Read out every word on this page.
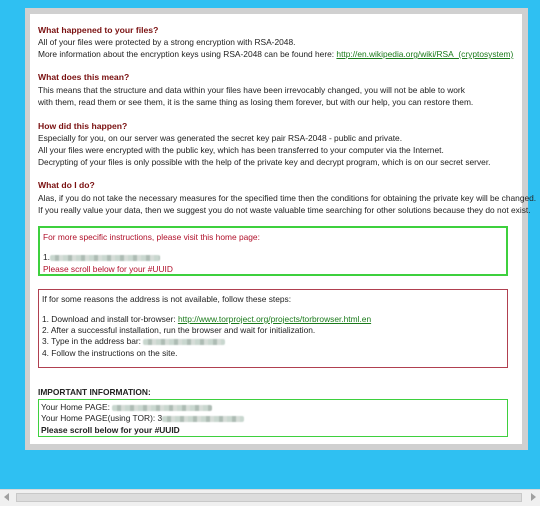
What happened to your files?
All of your files were protected by a strong encryption with RSA-2048.
More information about the encryption keys using RSA-2048 can be found here: http://en.wikipedia.org/wiki/RSA_(cryptosystem)
What does this mean?
This means that the structure and data within your files have been irrevocably changed, you will not be able to work
with them, read them or see them, it is the same thing as losing them forever, but with our help, you can restore them.
How did this happen?
Especially for you, on our server was generated the secret key pair RSA-2048 - public and private.
All your files were encrypted with the public key, which has been transferred to your computer via the Internet.
Decrypting of your files is only possible with the help of the private key and decrypt program, which is on our secret server.
What do I do?
Alas, if you do not take the necessary measures for the specified time then the conditions for obtaining the private key will be changed.
If you really value your data, then we suggest you do not waste valuable time searching for other solutions because they do not exist.
For more specific instructions, please visit this home page:
1.
Please scroll below for your #UUID
If for some reasons the address is not available, follow these steps:
1. Download and install tor-browser: http://www.torproject.org/projects/torbrowser.html.en
2. After a successful installation, run the browser and wait for initialization.
3. Type in the address bar:
4. Follow the instructions on the site.
IMPORTANT INFORMATION:
Your Home PAGE:
Your Home PAGE(using TOR): 3
Please scroll below for your #UUID
